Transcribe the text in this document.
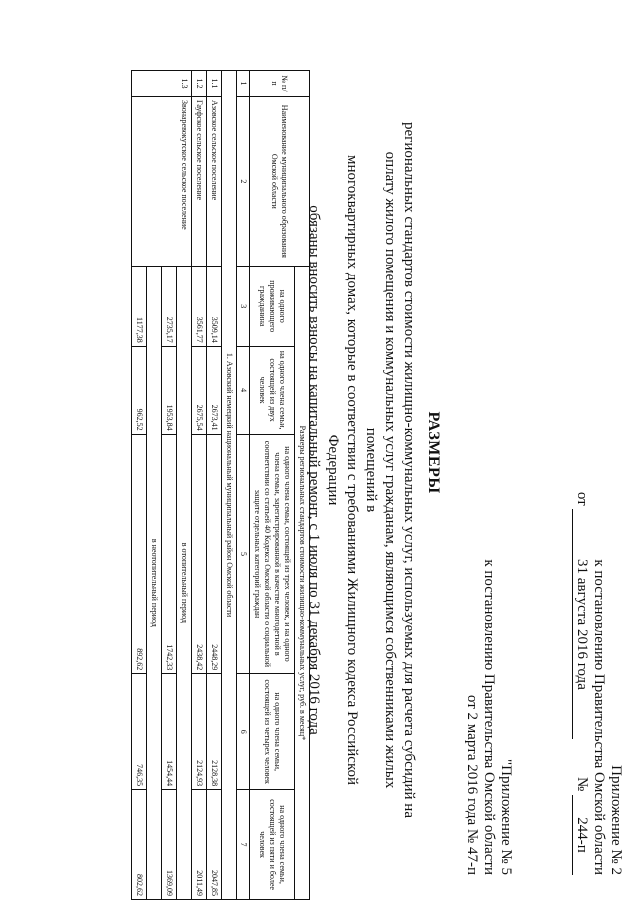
Приложение № 2
к постановлению Правительства Омской области
от 31 августа 2016 года  № 244-п
"Приложение № 5
к постановлению Правительства Омской области
от 2 марта 2016 года № 47-п
РАЗМЕРЫ
региональных стандартов стоимости жилищно-коммунальных услуг, используемых для расчета субсидий на
оплату жилого помещения и коммунальных услуг гражданам, являющимся собственниками жилых помещений в
многоквартирных домах, которые в соответствии с требованиями Жилищного кодекса Российской Федерации
обязаны вносить взносы на капитальный ремонт, с 1 июля по 31 декабря 2016 года
№ п/п	Наименование муниципального образования Омской области	Размеры региональных стандартов стоимости жилищно-коммунальных услуг, руб. в месяц*				
		на одного проживающего гражданина	на одного члена семьи, состоящей из двух человек	на одного члена семьи, состоящей из трех человек, и на одного члена семьи, зарегистрированной в качестве многодетной в соответствии со статьей 40 Кодекса Омской области о социальной защите отдельных категорий граждан	на одного члена семьи, состоящей из четырех человек	на одного члена семьи, состоящей из пяти и более человек
1	2	3	4	5	6	7
1. Азовский немецкий национальный муниципальный район Омской области						
1.1	Азовское сельское поселение	3509,14	2673,41	2448,29	2128,38	2047,85
1.2	Гауфское сельское поселение	3561,77	2675,54	2438,42	2124,93	2011,49
1.3	Звонаревокутское сельское поселение	в отопительный период				
		2735,17	1953,84	1742,33	1454,44	1369,09
		в неотопительный период				
		1177,38	962,52	892,62	746,35	802,62
